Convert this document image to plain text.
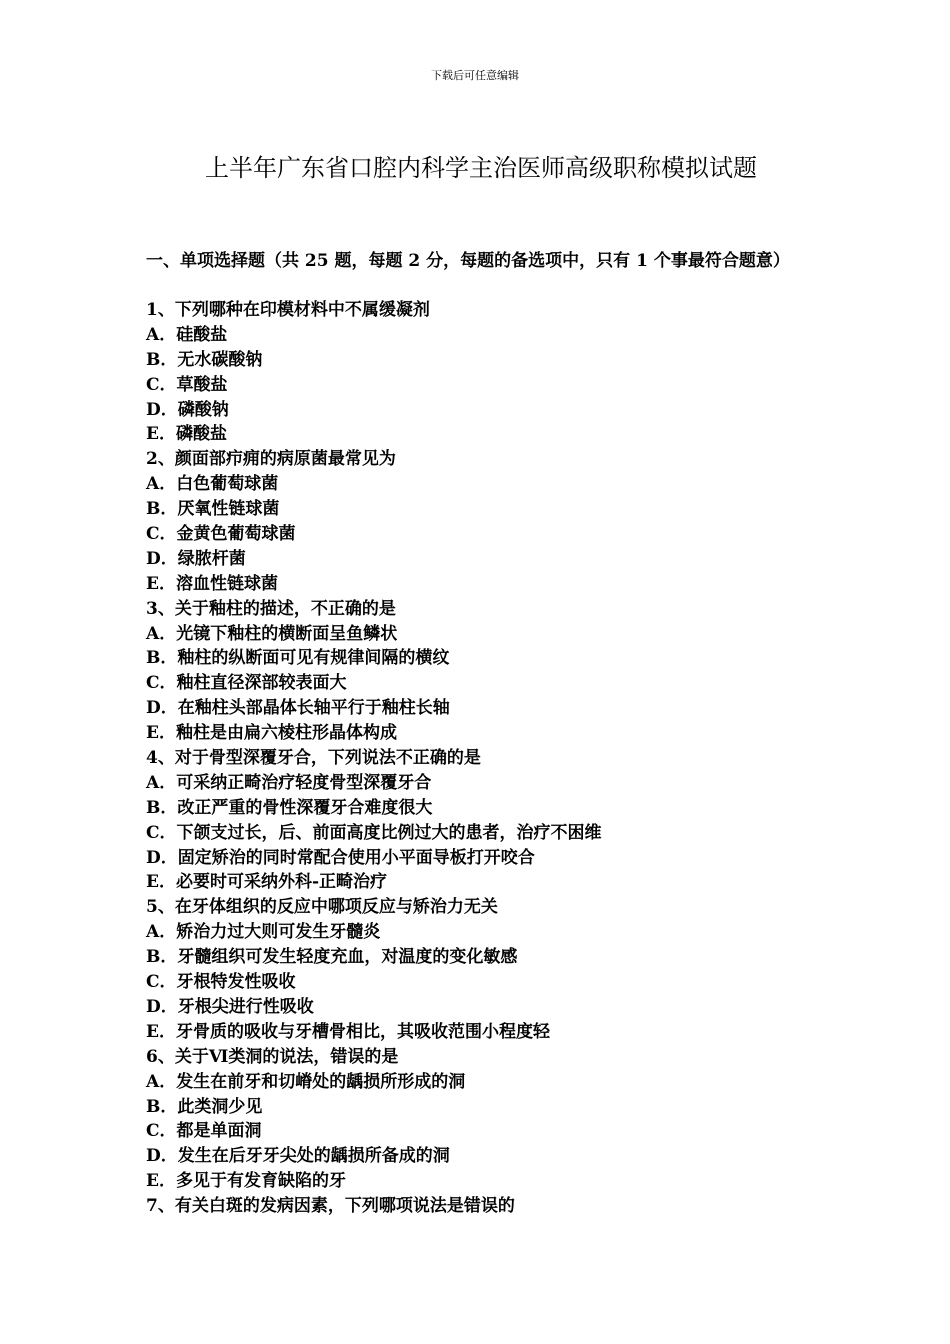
下载后可任意编辑
上半年广东省口腔内科学主治医师高级职称模拟试题

一、单项选择题（共 25 题，每题 2 分，每题的备选项中，只有 1 个事最符合题意）

1、下列哪种在印模材料中不属缓凝剂
A．硅酸盐
B．无水碳酸钠
C．草酸盐
D．磷酸钠
E．磷酸盐
2、颜面部疖痈的病原菌最常见为
A．白色葡萄球菌
B．厌氧性链球菌
C．金黄色葡萄球菌
D．绿脓杆菌
E．溶血性链球菌
3、关于釉柱的描述，不正确的是
A．光镜下釉柱的横断面呈鱼鳞状
B．釉柱的纵断面可见有规律间隔的横纹
C．釉柱直径深部较表面大
D．在釉柱头部晶体长轴平行于釉柱长轴
E．釉柱是由扁六棱柱形晶体构成
4、对于骨型深覆牙合，下列说法不正确的是
A．可采纳正畸治疗轻度骨型深覆牙合
B．改正严重的骨性深覆牙合难度很大
C．下颌支过长，后、前面高度比例过大的患者，治疗不困维
D．固定矫治的同时常配合使用小平面导板打开咬合
E．必要时可采纳外科-正畸治疗
5、在牙体组织的反应中哪项反应与矫治力无关
A．矫治力过大则可发生牙髓炎
B．牙髓组织可发生轻度充血，对温度的变化敏感
C．牙根特发性吸收
D．牙根尖进行性吸收
E．牙骨质的吸收与牙槽骨相比，其吸收范围小程度轻
6、关于Ⅵ类洞的说法，错误的是
A．发生在前牙和切嵴处的龋损所形成的洞
B．此类洞少见
C．都是单面洞
D．发生在后牙牙尖处的龋损所备成的洞
E．多见于有发育缺陷的牙
7、有关白斑的发病因素，下列哪项说法是错误的
